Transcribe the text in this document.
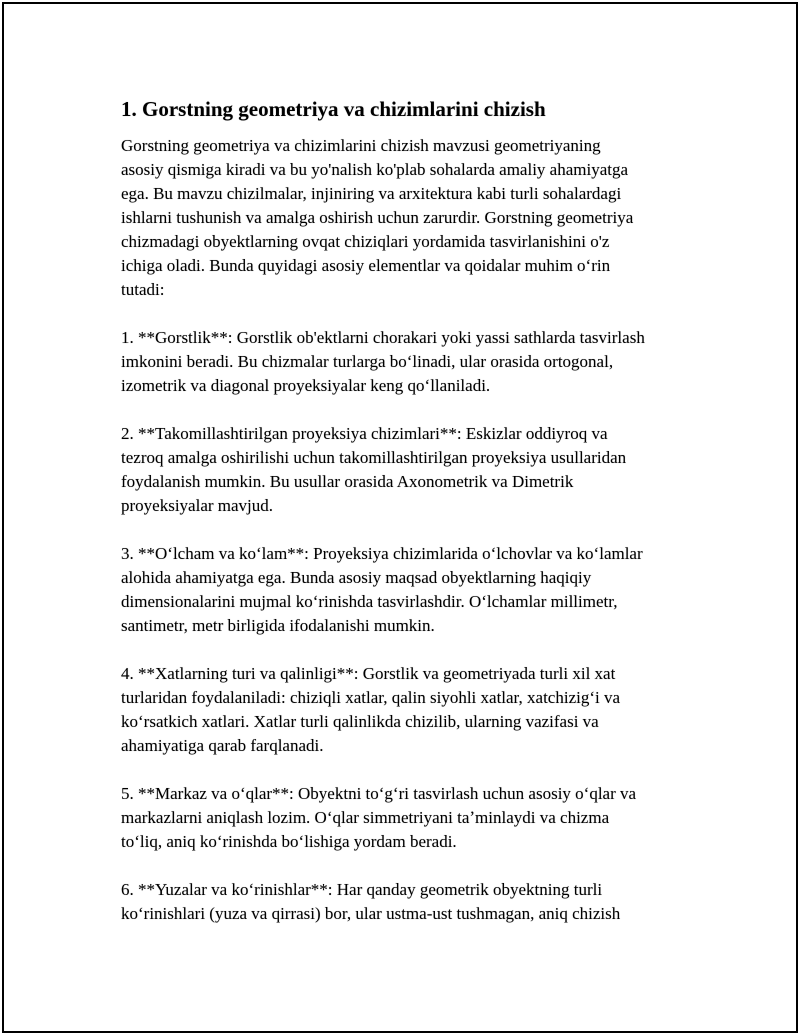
1. Gorstning geometriya va chizimlarini chizish

Gorstning geometriya va chizimlarini chizish mavzusi geometriyaning
asosiy qismiga kiradi va bu yo'nalish ko'plab sohalarda amaliy ahamiyatga
ega. Bu mavzu chizilmalar, injiniring va arxitektura kabi turli sohalardagi
ishlarni tushunish va amalga oshirish uchun zarurdir. Gorstning geometriya
chizmadagi obyektlarning ovqat chiziqlari yordamida tasvirlanishini o'z
ichiga oladi. Bunda quyidagi asosiy elementlar va qoidalar muhim oʻrin
tutadi:

1. **Gorstlik**: Gorstlik ob'ektlarni chorakari yoki yassi sathlarda tasvirlash
imkonini beradi. Bu chizmalar turlarga boʻlinadi, ular orasida ortogonal,
izometrik va diagonal proyeksiyalar keng qoʻllaniladi.

2. **Takomillashtirilgan proyeksiya chizimlari**: Eskizlar oddiyroq va
tezroq amalga oshirilishi uchun takomillashtirilgan proyeksiya usullaridan
foydalanish mumkin. Bu usullar orasida Axonometrik va Dimetrik
proyeksiyalar mavjud.

3. **Oʻlcham va koʻlam**: Proyeksiya chizimlarida oʻlchovlar va koʻlamlar
alohida ahamiyatga ega. Bunda asosiy maqsad obyektlarning haqiqiy
dimensionalarini mujmal koʻrinishda tasvirlashdir. Oʻlchamlar millimetr,
santimetr, metr birligida ifodalanishi mumkin.

4. **Xatlarning turi va qalinligi**: Gorstlik va geometriyada turli xil xat
turlaridan foydalaniladi: chiziqli xatlar, qalin siyohli xatlar, xatchizigʻi va
koʻrsatkich xatlari. Xatlar turli qalinlikda chizilib, ularning vazifasi va
ahamiyatiga qarab farqlanadi.

5. **Markaz va oʻqlar**: Obyektni toʻgʻri tasvirlash uchun asosiy oʻqlar va
markazlarni aniqlash lozim. Oʻqlar simmetriyani taʼminlaydi va chizma
toʻliq, aniq koʻrinishda boʻlishiga yordam beradi.

6. **Yuzalar va koʻrinishlar**: Har qanday geometrik obyektning turli
koʻrinishlari (yuza va qirrasi) bor, ular ustma-ust tushmagan, aniq chizish
